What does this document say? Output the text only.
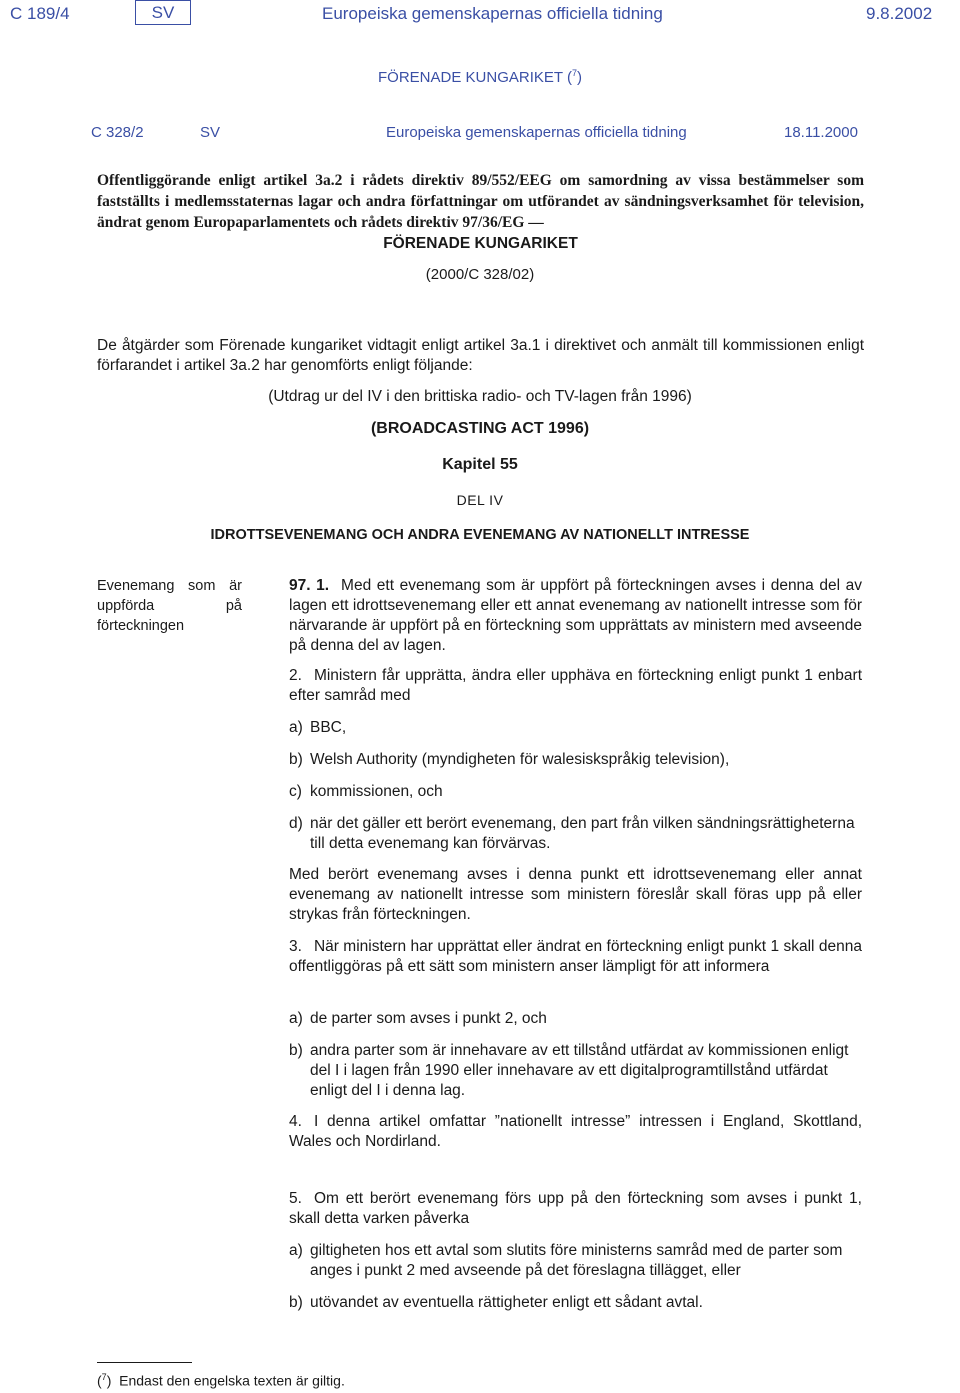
C 189/4	SV	Europeiska gemenskapernas officiella tidning	9.8.2002
FÖRENADE KUNGARIKET ($^7$)
C 328/2	SV	Europeiska gemenskapernas officiella tidning	18.11.2000
Offentliggörande enligt artikel 3a.2 i rådets direktiv 89/552/EEG om samordning av vissa bestämmelser som fastställts i medlemsstaternas lagar och andra författningar om utförandet av sändningsverksamhet för television, ändrat genom Europaparlamentets och rådets direktiv 97/36/EG —
FÖRENADE KUNGARIKET
(2000/C 328/02)
De åtgärder som Förenade kungariket vidtagit enligt artikel 3a.1 i direktivet och anmält till kommissionen enligt förfarandet i artikel 3a.2 har genomförts enligt följande:
(Utdrag ur del IV i den brittiska radio- och TV-lagen från 1996)
(BROADCASTING ACT 1996)
Kapitel 55
DEL IV
IDROTTSEVENEMANG OCH ANDRA EVENEMANG AV NATIONELLT INTRESSE
Evenemang som är uppförda på förteckningen
97. 1. Med ett evenemang som är uppfört på förteckningen avses i denna del av lagen ett idrottsevenemang eller ett annat evenemang av nationellt intresse som för närvarande är uppfört på en förteckning som upprättats av ministern med avseende på denna del av lagen.
2. Ministern får upprätta, ändra eller upphäva en förteckning enligt punkt 1 enbart efter samråd med
a) BBC,
b) Welsh Authority (myndigheten för walesiskspråkig television),
c) kommissionen, och
d) när det gäller ett berört evenemang, den part från vilken sändningsrättigheterna till detta evenemang kan förvärvas.
Med berört evenemang avses i denna punkt ett idrottsevenemang eller annat evenemang av nationellt intresse som ministern föreslår skall föras upp på eller strykas från förteckningen.
3. När ministern har upprättat eller ändrat en förteckning enligt punkt 1 skall denna offentliggöras på ett sätt som ministern anser lämpligt för att informera
a) de parter som avses i punkt 2, och
b) andra parter som är innehavare av ett tillstånd utfärdat av kommissionen enligt del I i lagen från 1990 eller innehavare av ett digitalprogramtillstånd utfärdat enligt del I i denna lag.
4. I denna artikel omfattar ”nationellt intresse” intressen i England, Skottland, Wales och Nordirland.
5. Om ett berört evenemang förs upp på den förteckning som avses i punkt 1, skall detta varken påverka
a) giltigheten hos ett avtal som slutits före ministerns samråd med de parter som anges i punkt 2 med avseende på det föreslagna tillägget, eller
b) utövandet av eventuella rättigheter enligt ett sådant avtal.
($^7$)  Endast den engelska texten är giltig.
